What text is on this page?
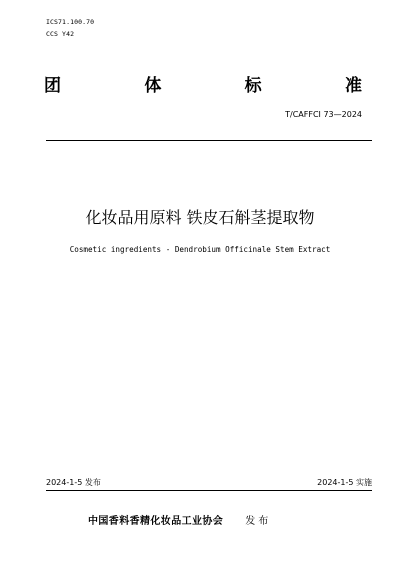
ICS71.100.70
CCS Y42
团	体	标	准
T/CAFFCI 73—2024
化妆品用原料 铁皮石斛茎提取物
Cosmetic ingredients - Dendrobium Officinale Stem Extract
2024-1-5 发布	2024-1-5 实施
中国香料香精化妆品工业协会 发布
